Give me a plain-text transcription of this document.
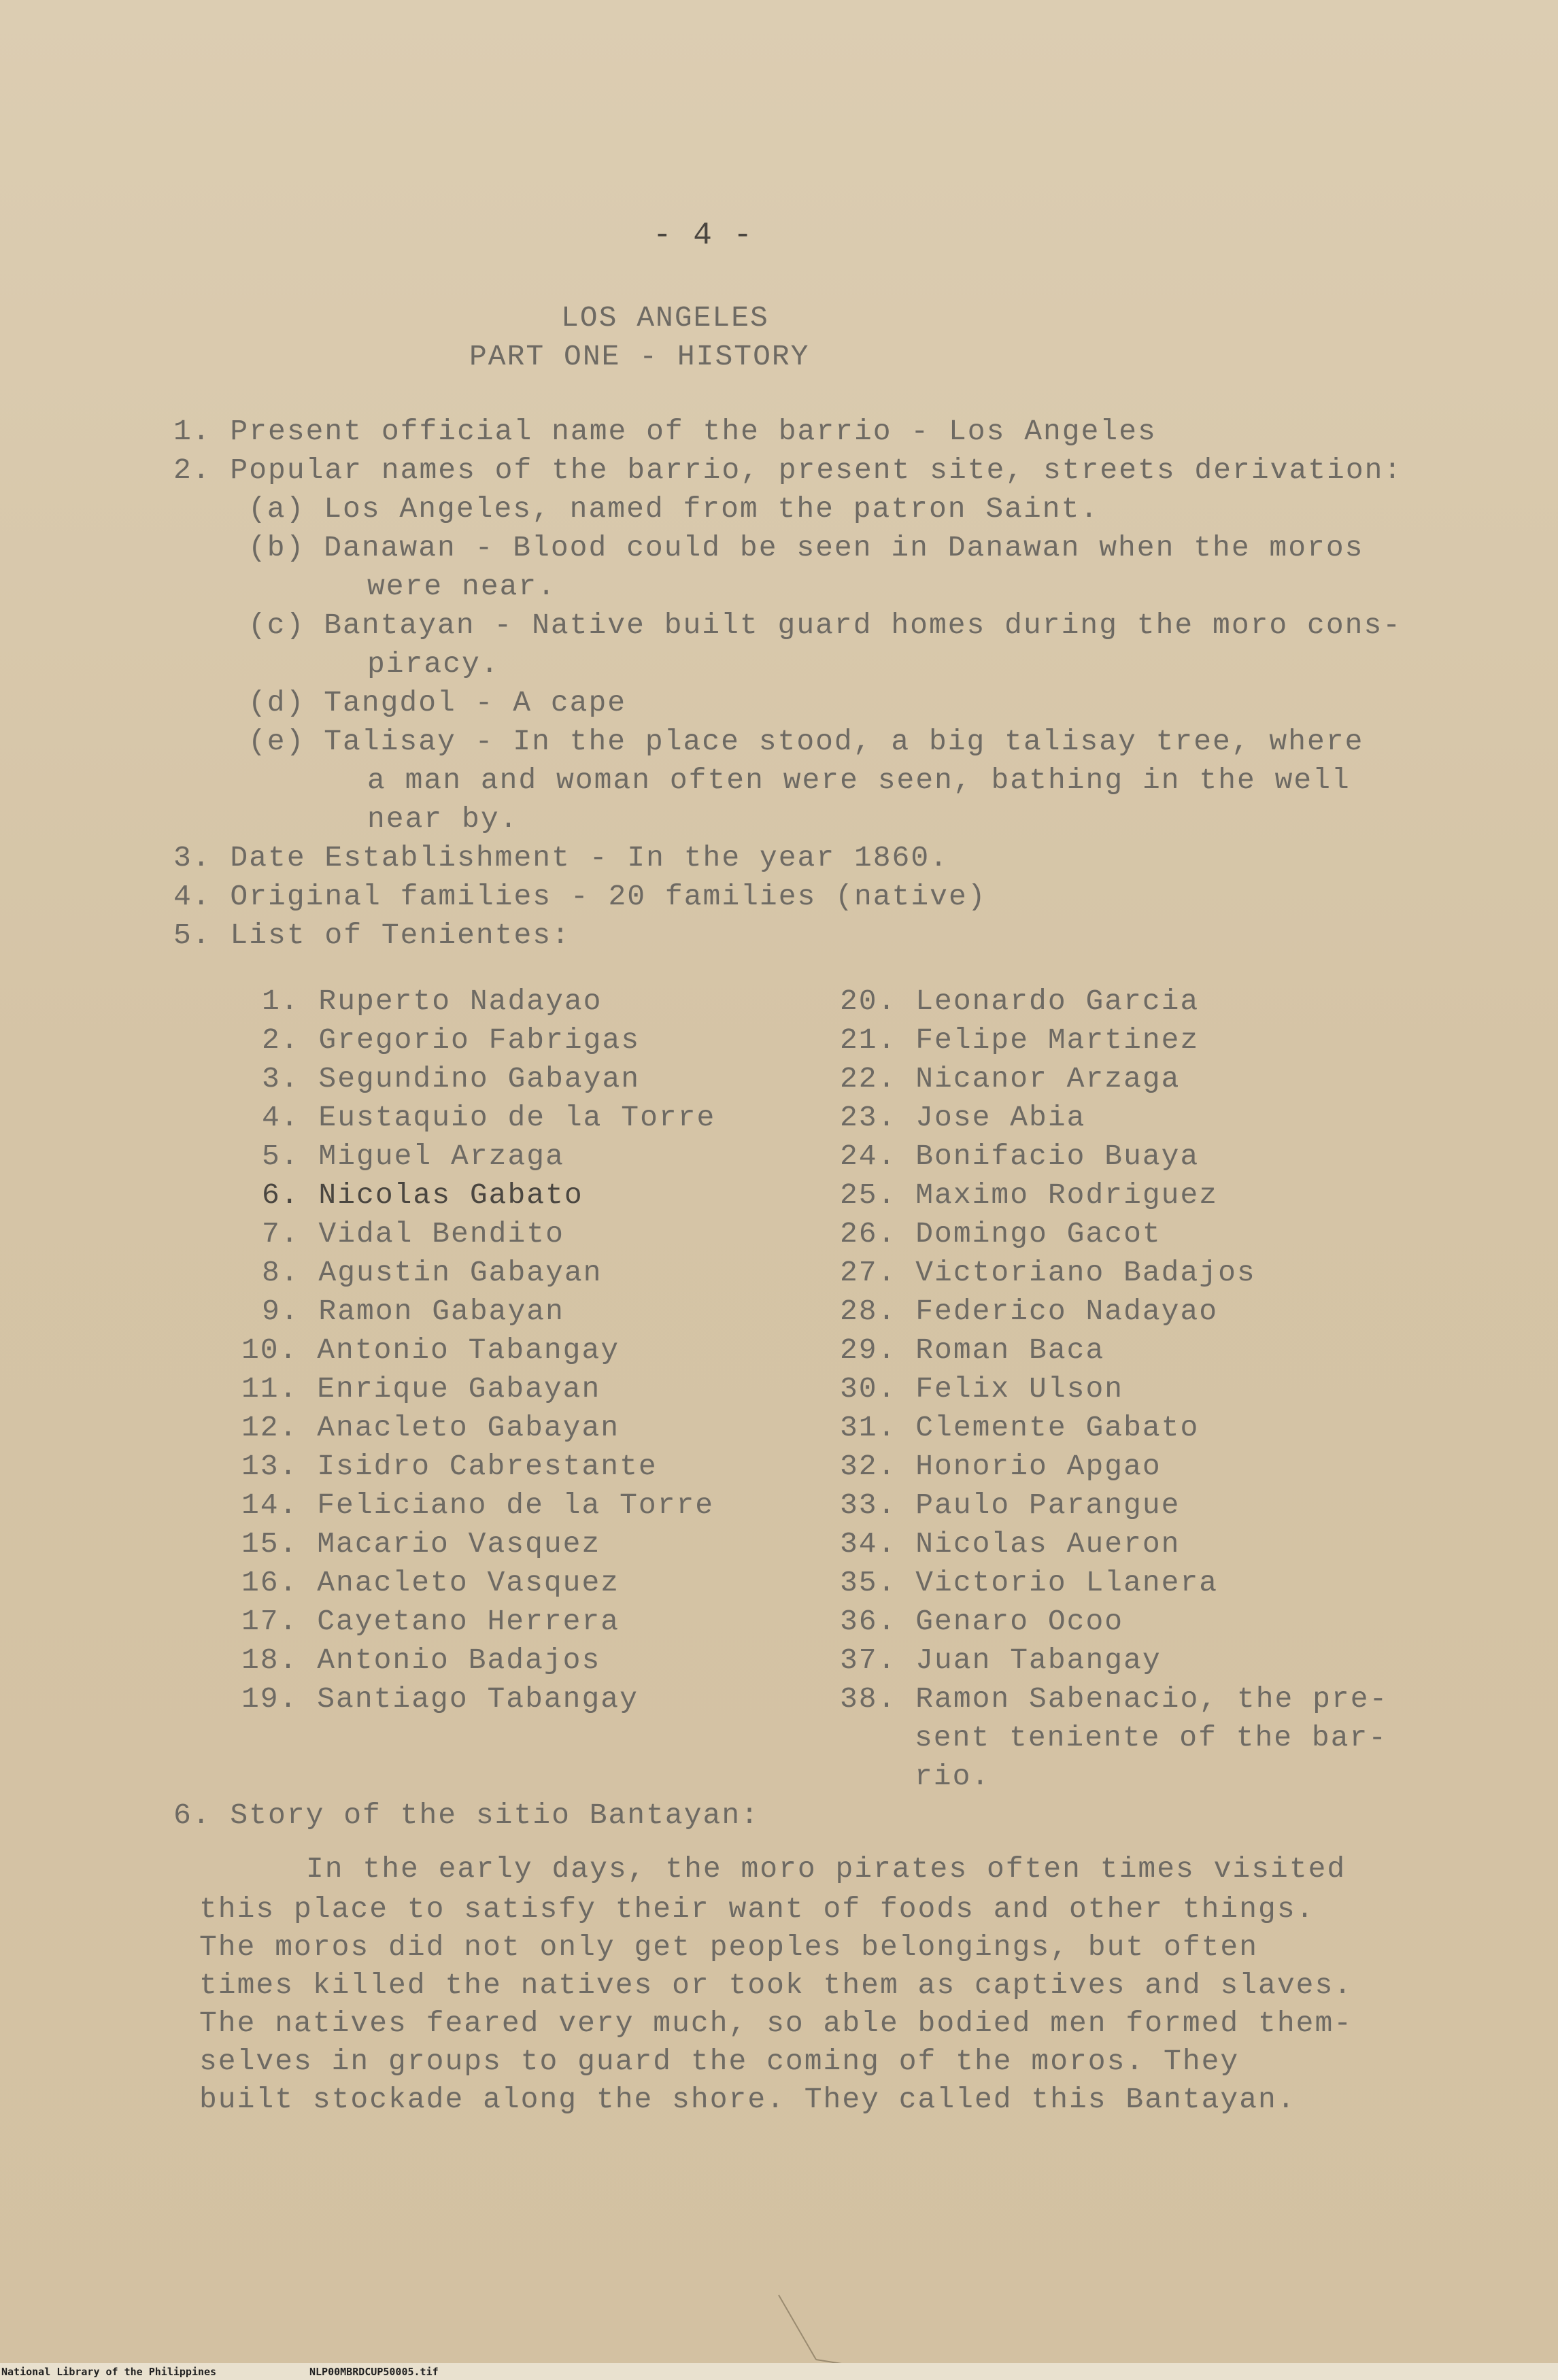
- 4 -
LOS ANGELES
PART ONE - HISTORY
1. Present official name of the barrio - Los Angeles
2. Popular names of the barrio, present site, streets derivation:
(a) Los Angeles, named from the patron Saint.
(b) Danawan - Blood could be seen in Danawan when the moros
were near.
(c) Bantayan - Native built guard homes during the moro cons-
piracy.
(d) Tangdol - A cape
(e) Talisay - In the place stood, a big talisay tree, where
a man and woman often were seen, bathing in the well
near by.
3. Date Establishment - In the year 1860.
4. Original families - 20 families (native)
5. List of Tenientes:
1. Ruperto Nadayao
2. Gregorio Fabrigas
3. Segundino Gabayan
4. Eustaquio de la Torre
5. Miguel Arzaga
6. Nicolas Gabato
7. Vidal Bendito
8. Agustin Gabayan
9. Ramon Gabayan
10. Antonio Tabangay
11. Enrique Gabayan
12. Anacleto Gabayan
13. Isidro Cabrestante
14. Feliciano de la Torre
15. Macario Vasquez
16. Anacleto Vasquez
17. Cayetano Herrera
18. Antonio Badajos
19. Santiago Tabangay
20. Leonardo Garcia
21. Felipe Martinez
22. Nicanor Arzaga
23. Jose Abia
24. Bonifacio Buaya
25. Maximo Rodriguez
26. Domingo Gacot
27. Victoriano Badajos
28. Federico Nadayao
29. Roman Baca
30. Felix Ulson
31. Clemente Gabato
32. Honorio Apgao
33. Paulo Parangue
34. Nicolas Aueron
35. Victorio Llanera
36. Genaro Ocoo
37. Juan Tabangay
38. Ramon Sabenacio, the pre-
sent teniente of the bar-
rio.
6. Story of the sitio Bantayan:
In the early days, the moro pirates often times visited
this place to satisfy their want of foods and other things.
The moros did not only get peoples belongings, but often
times killed the natives or took them as captives and slaves.
The natives feared very much, so able bodied men formed them-
selves in groups to guard the coming of the moros. They
built stockade along the shore. They called this Bantayan.
National Library of the Philippines	NLP00MBRDCUP50005.tif
